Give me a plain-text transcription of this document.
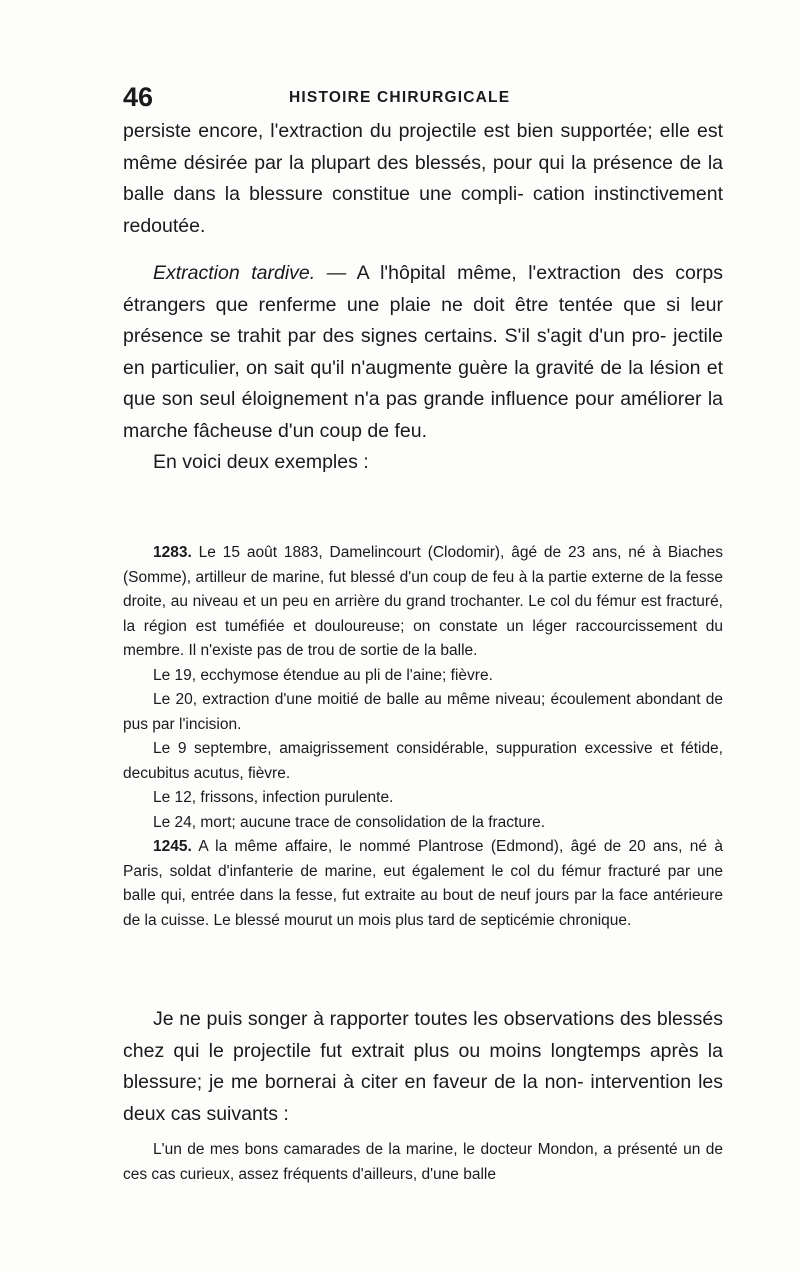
46	HISTOIRE CHIRURGICALE

persiste encore, l'extraction du projectile est bien supportée; elle est même désirée par la plupart des blessés, pour qui la présence de la balle dans la blessure constitue une compli- cation instinctivement redoutée.

Extraction tardive. — A l'hôpital même, l'extraction des corps étrangers que renferme une plaie ne doit être tentée que si leur présence se trahit par des signes certains. S'il s'agit d'un pro- jectile en particulier, on sait qu'il n'augmente guère la gravité de la lésion et que son seul éloignement n'a pas grande influence pour améliorer la marche fâcheuse d'un coup de feu.
En voici deux exemples :

1283. Le 15 août 1883, Damelincourt (Clodomir), âgé de 23 ans, né à Biaches (Somme), artilleur de marine, fut blessé d'un coup de feu à la partie externe de la fesse droite, au niveau et un peu en arrière du grand trochanter. Le col du fémur est fracturé, la région est tuméfiée et douloureuse; on constate un léger raccourcissement du membre. Il n'existe pas de trou de sortie de la balle.

Le 19, ecchymose étendue au pli de l'aine; fièvre.

Le 20, extraction d'une moitié de balle au même niveau; écoulement abondant de pus par l'incision.

Le 9 septembre, amaigrissement considérable, suppuration excessive et fétide, decubitus acutus, fièvre.

Le 12, frissons, infection purulente.

Le 24, mort; aucune trace de consolidation de la fracture.

1245. A la même affaire, le nommé Plantrose (Edmond), âgé de 20 ans, né à Paris, soldat d'infanterie de marine, eut également le col du fémur fracturé par une balle qui, entrée dans la fesse, fut extraite au bout de neuf jours par la face antérieure de la cuisse. Le blessé mourut un mois plus tard de septicémie chronique.

Je ne puis songer à rapporter toutes les observations des blessés chez qui le projectile fut extrait plus ou moins longtemps après la blessure; je me bornerai à citer en faveur de la non- intervention les deux cas suivants :

L'un de mes bons camarades de la marine, le docteur Mondon, a présenté un de ces cas curieux, assez fréquents d'ailleurs, d'une balle
